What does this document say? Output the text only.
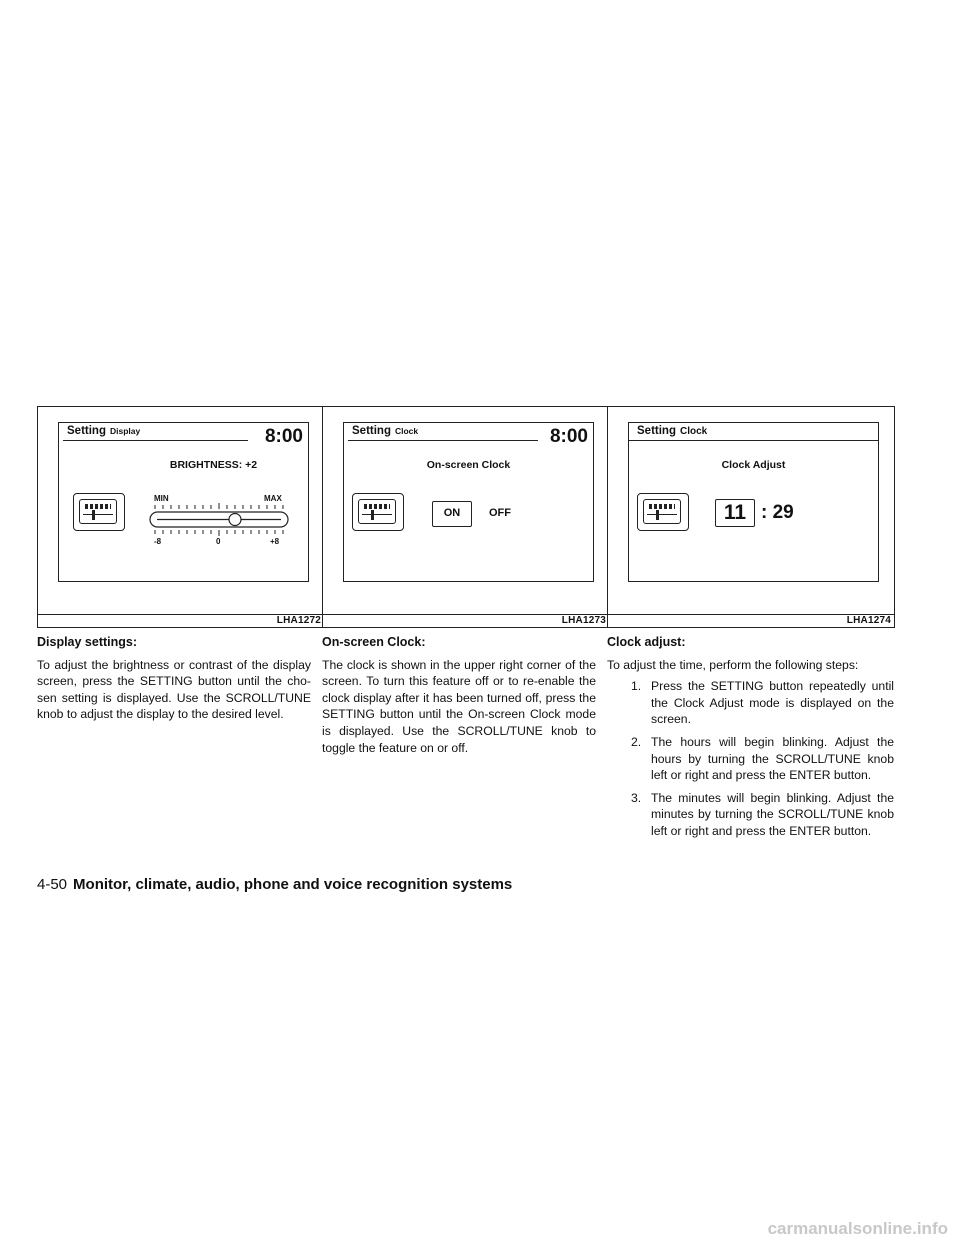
Setting Display	8:00
BRIGHTNESS: +2
MIN	MAX
-8	0	+8
LHA1272
Setting Clock	8:00
On-screen Clock
ON	OFF
LHA1273
Setting Clock
Clock Adjust
11 : 29
LHA1274
Display settings:

To adjust the brightness or contrast of the display screen, press the SETTING button until the cho-sen setting is displayed. Use the SCROLL/TUNE knob to adjust the display to the desired level.

On-screen Clock:

The clock is shown in the upper right corner of the screen. To turn this feature off or to re-enable the clock display after it has been turned off, press the SETTING button until the On-screen Clock mode is displayed. Use the SCROLL/TUNE knob to toggle the feature on or off.

Clock adjust:

To adjust the time, perform the following steps:

1. Press the SETTING button repeatedly until the Clock Adjust mode is displayed on the screen.
2. The hours will begin blinking. Adjust the hours by turning the SCROLL/TUNE knob left or right and press the ENTER button.
3. The minutes will begin blinking. Adjust the minutes by turning the SCROLL/TUNE knob left or right and press the ENTER button.
4-50 Monitor, climate, audio, phone and voice recognition systems
carmanualsonline.info
